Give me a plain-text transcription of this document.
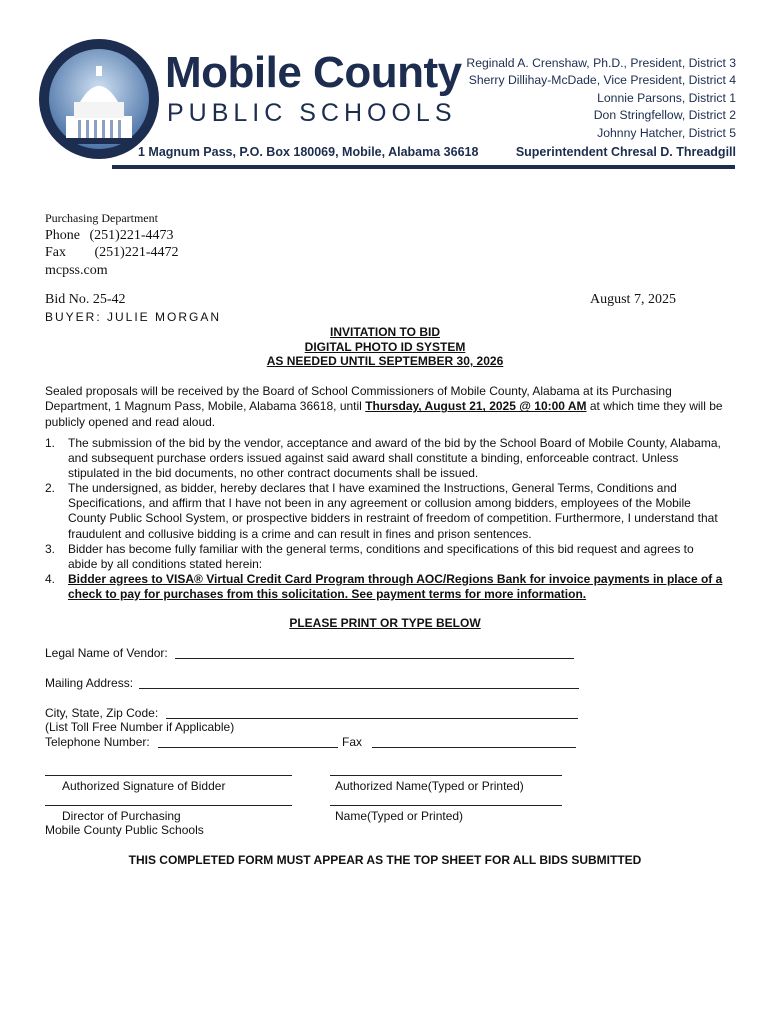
Mobile County
PUBLIC SCHOOLS
Reginald A. Crenshaw, Ph.D., President, District 3
Sherry Dillihay-McDade, Vice President, District 4
Lonnie Parsons, District 1
Don Stringfellow, District 2
Johnny Hatcher, District 5
1 Magnum Pass, P.O. Box 180069, Mobile, Alabama 36618	Superintendent Chresal D. Threadgill
Purchasing Department
Phone (251)221-4473
Fax (251)221-4472
mcpss.com
Bid No. 25-42	August 7, 2025
BUYER: JULIE MORGAN
INVITATION TO BID
DIGITAL PHOTO ID SYSTEM
AS NEEDED UNTIL SEPTEMBER 30, 2026
Sealed proposals will be received by the Board of School Commissioners of Mobile County, Alabama at its Purchasing Department, 1 Magnum Pass, Mobile, Alabama 36618, until Thursday, August 21, 2025 @ 10:00 AM at which time they will be publicly opened and read aloud.
1. The submission of the bid by the vendor, acceptance and award of the bid by the School Board of Mobile County, Alabama, and subsequent purchase orders issued against said award shall constitute a binding, enforceable contract. Unless stipulated in the bid documents, no other contract documents shall be issued.
2. The undersigned, as bidder, hereby declares that I have examined the Instructions, General Terms, Conditions and Specifications, and affirm that I have not been in any agreement or collusion among bidders, employees of the Mobile County Public School System, or prospective bidders in restraint of freedom of competition. Furthermore, I understand that fraudulent and collusive bidding is a crime and can result in fines and prison sentences.
3. Bidder has become fully familiar with the general terms, conditions and specifications of this bid request and agrees to abide by all conditions stated herein:
4. Bidder agrees to VISA® Virtual Credit Card Program through AOC/Regions Bank for invoice payments in place of a check to pay for purchases from this solicitation. See payment terms for more information.
PLEASE PRINT OR TYPE BELOW
Legal Name of Vendor:
Mailing Address:
City, State, Zip Code:
(List Toll Free Number if Applicable)
Telephone Number:	Fax
Authorized Signature of Bidder	Authorized Name(Typed or Printed)
Director of Purchasing	Name(Typed or Printed)
Mobile County Public Schools
THIS COMPLETED FORM MUST APPEAR AS THE TOP SHEET FOR ALL BIDS SUBMITTED
